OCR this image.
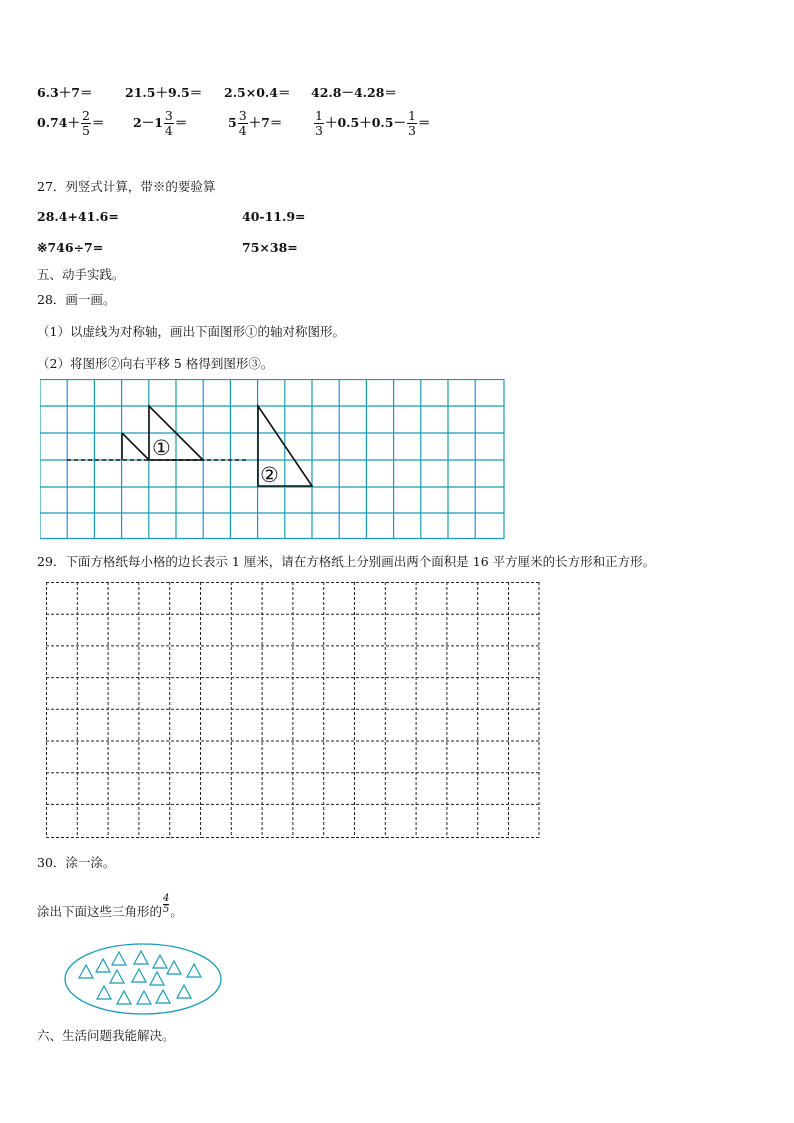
6.3＋7＝	21.5＋9.5＝ 2.5×0.4＝ 42.8－4.28＝
$0.74+ \frac{2}{5} = 2-1 \frac{3}{4}$ ＝	$5 \frac{3}{4} +7=$	$\frac{1}{3} +0.5+0.5- \frac{1}{3}$ ＝
27．列竖式计算，带※的要验算
28.4+41.6=	40-11.9=
※746÷7=	75×38=
五、动手实践。
28．画一画。
（1）以虚线为对称轴，画出下面图形①的轴对称图形。
（2）将图形②向右平移 5 格得到图形③。
①
②
29．下面方格纸每小格的边长表示 1 厘米，请在方格纸上分别画出两个面积是 16 平方厘米的长方形和正方形。
30．涂一涂。
涂出下面这些三角形的 $\frac{4}{5}$ 。
六、生活问题我能解决。
